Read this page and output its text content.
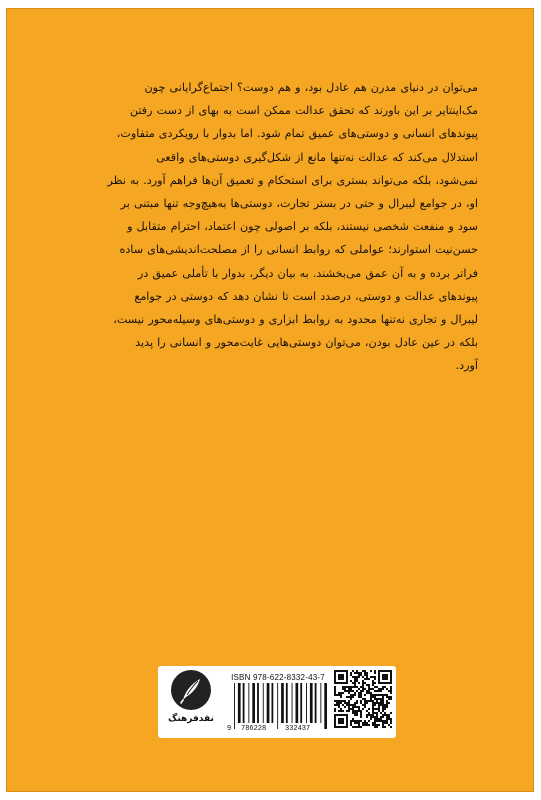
می‌توان در دنیای مدرن هم عادل بود، و هم دوست؟ اجتماع‌گرایانی چون

مک‌اینتایر بر این باورند که تحقق عدالت ممکن است به بهای از دست رفتن

پیوندهای انسانی و دوستی‌های عمیق تمام شود. اما بدوار با رویکردی متفاوت،

استدلال می‌کند که عدالت نه‌تنها مانع از شکل‌گیری دوستی‌های واقعی

نمی‌شود، بلکه می‌تواند بستری برای استحکام و تعمیق آن‌ها فراهم آورد. به نظر

او، در جوامع لیبرال و حتی در بستر تجارت، دوستی‌ها به‌هیچ‌وجه تنها مبتنی بر

سود و منفعت شخصی نیستند، بلکه بر اصولی چون اعتماد، احترام متقابل و

حسن‌نیت استوارند؛ عواملی که روابط انسانی را از مصلحت‌اندیشی‌های ساده

فراتر برده و به آن عمق می‌بخشند. به بیان دیگر، بدوار با تأملی عمیق در

پیوندهای عدالت و دوستی، درصدد است تا نشان دهد که دوستی در جوامع

لیبرال و تجاری نه‌تنها محدود به روابط ابزاری و دوستی‌های وسیله‌محور نیست،

بلکه در عین عادل بودن، می‌توان دوستی‌هایی غایت‌محور و انسانی را پدید

آورد.

نقدفرهنگ
ISBN 978-622-8332-43-7
9 786228	332437
